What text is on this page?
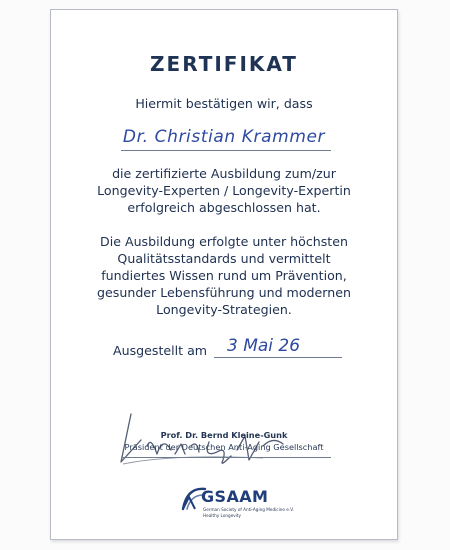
ZERTIFIKAT
Hiermit bestätigen wir, dass
Dr. Christian Krammer
die zertifizierte Ausbildung zum/zur
Longevity-Experten / Longevity-Expertin
erfolgreich abgeschlossen hat.
Die Ausbildung erfolgte unter höchsten
Qualitätsstandards und vermittelt
fundiertes Wissen rund um Prävention,
gesunder Lebensführung und modernen
Longevity-Strategien.
Ausgestellt am 3 Mai 26
Prof. Dr. Bernd Kleine-Gunk
Präsident der Deutschen Anti-Aging Gesellschaft
GSAAM
German Society of Anti-Aging Medicine e.V.
Healthy Longevity
